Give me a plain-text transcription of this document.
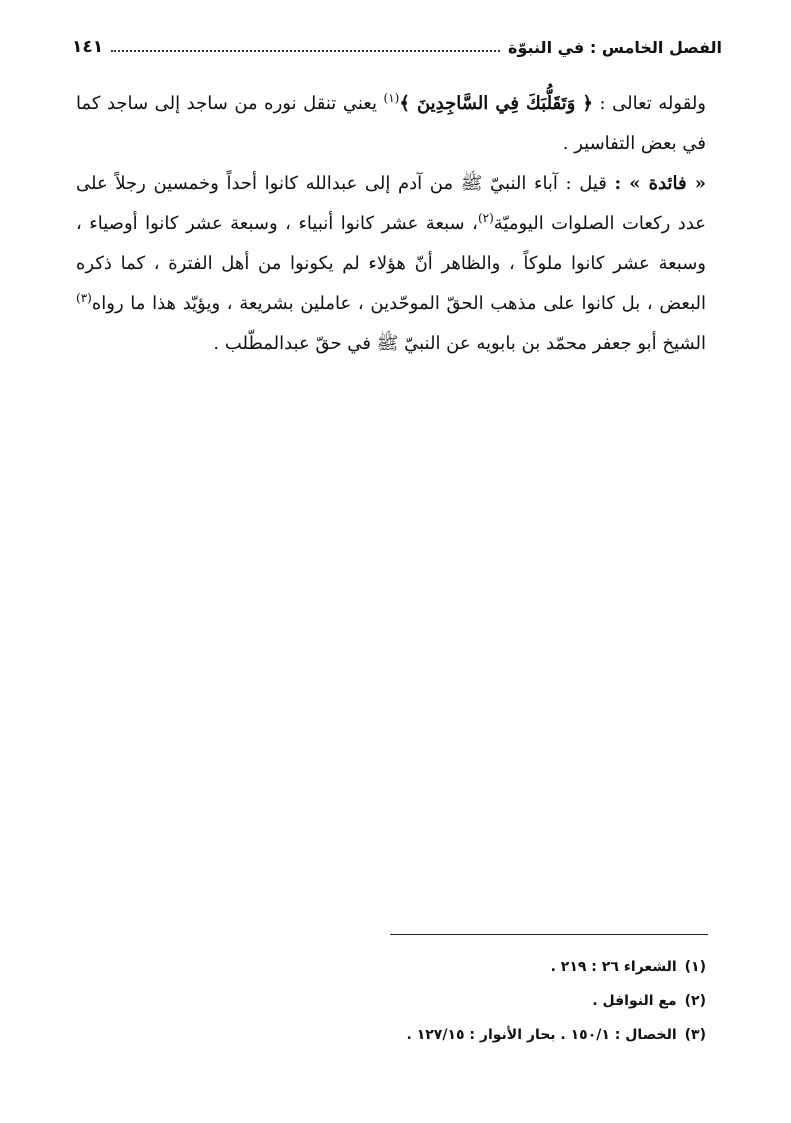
الفصل الخامس : في النبوّة
١٤١

ولقوله تعالى : ﴿ وَتَقَلُّبَكَ فِي السَّاجِدِينَ ﴾$^{(١)}$ يعني تنقل نوره من ساجد إلى ساجد كما في بعض التفاسير .

« فائدة » : قيل : آباء النبيّ ﷺ من آدم إلى عبدالله كانوا أحداً وخمسين رجلاً على عدد ركعات الصلوات اليوميّة$^{(٢)}$، سبعة عشر كانوا أنبياء ، وسبعة عشر كانوا أوصياء ، وسبعة عشر كانوا ملوكاً ، والظاهر أنّ هؤلاء لم يكونوا من أهل الفترة ، كما ذكره البعض ، بل كانوا على مذهب الحقّ الموحّدين ، عاملين بشريعة ، ويؤيّد هذا ما رواه$^{(٣)}$ الشيخ أبو جعفر محمّد بن بابويه عن النبيّ ﷺ في حقّ عبدالمطّلب .

(١)الشعراء ٢٦ : ٢١٩ .
(٢)مع النوافل .
(٣)الخصال : ١٥٠/١ . بحار الأنوار : ١٢٧/١٥ .
